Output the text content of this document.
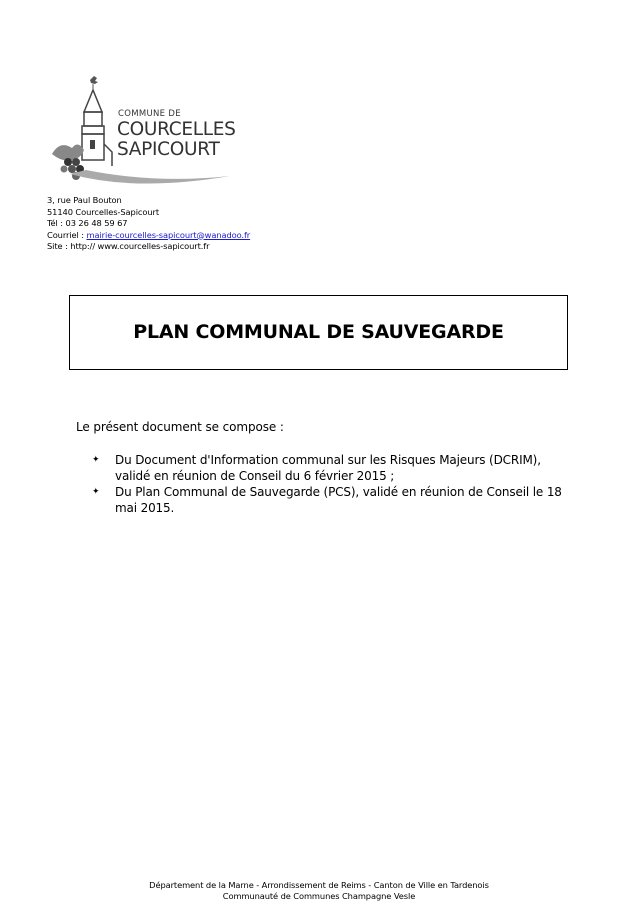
COMMUNE DE
COURCELLES
SAPICOURT
3, rue Paul Bouton
51140 Courcelles-Sapicourt
Tél : 03 26 48 59 67
Courriel : mairie-courcelles-sapicourt@wanadoo.fr
Site : http:// www.courcelles-sapicourt.fr
PLAN COMMUNAL DE SAUVEGARDE
Le présent document se compose :
✦ Du Document d'Information communal sur les Risques Majeurs (DCRIM), validé en réunion de Conseil du 6 février 2015 ;
✦ Du Plan Communal de Sauvegarde (PCS), validé en réunion de Conseil le 18 mai 2015.
Département de la Marne - Arrondissement de Reims - Canton de Ville en Tardenois
Communauté de Communes Champagne Vesle
